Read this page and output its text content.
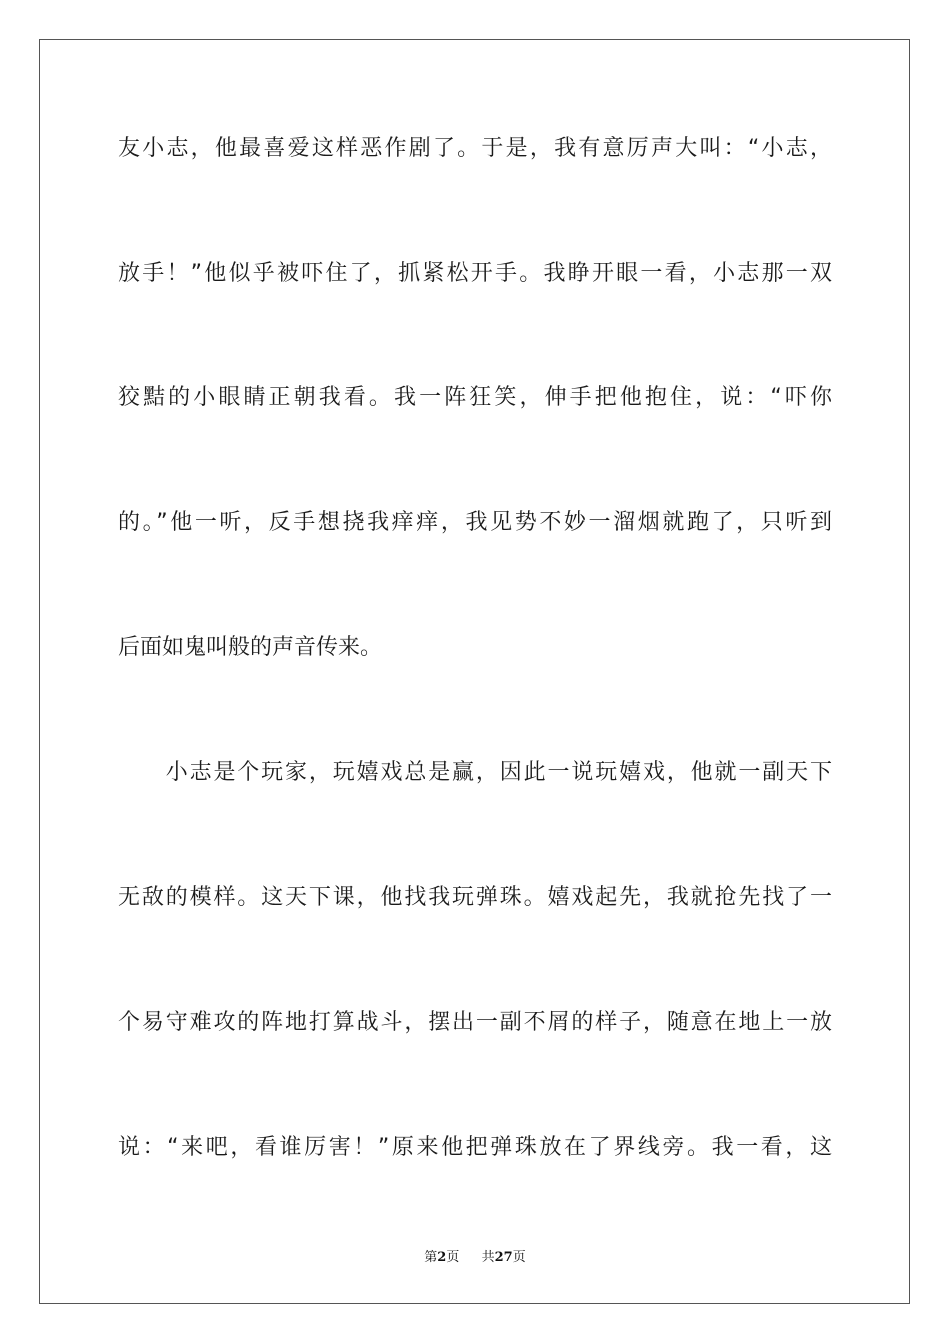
友小志，他最喜爱这样恶作剧了。于是，我有意厉声大叫：“小志，
放手！”他似乎被吓住了，抓紧松开手。我睁开眼一看，小志那一双
狡黠的小眼睛正朝我看。我一阵狂笑，伸手把他抱住，说：“吓你
的。”他一听，反手想挠我痒痒，我见势不妙一溜烟就跑了，只听到
后面如鬼叫般的声音传来。
　　小志是个玩家，玩嬉戏总是赢，因此一说玩嬉戏，他就一副天下
无敌的模样。这天下课，他找我玩弹珠。嬉戏起先，我就抢先找了一
个易守难攻的阵地打算战斗，摆出一副不屑的样子，随意在地上一放
说：“来吧，看谁厉害！”原来他把弹珠放在了界线旁。我一看，这
第2页 共27页
